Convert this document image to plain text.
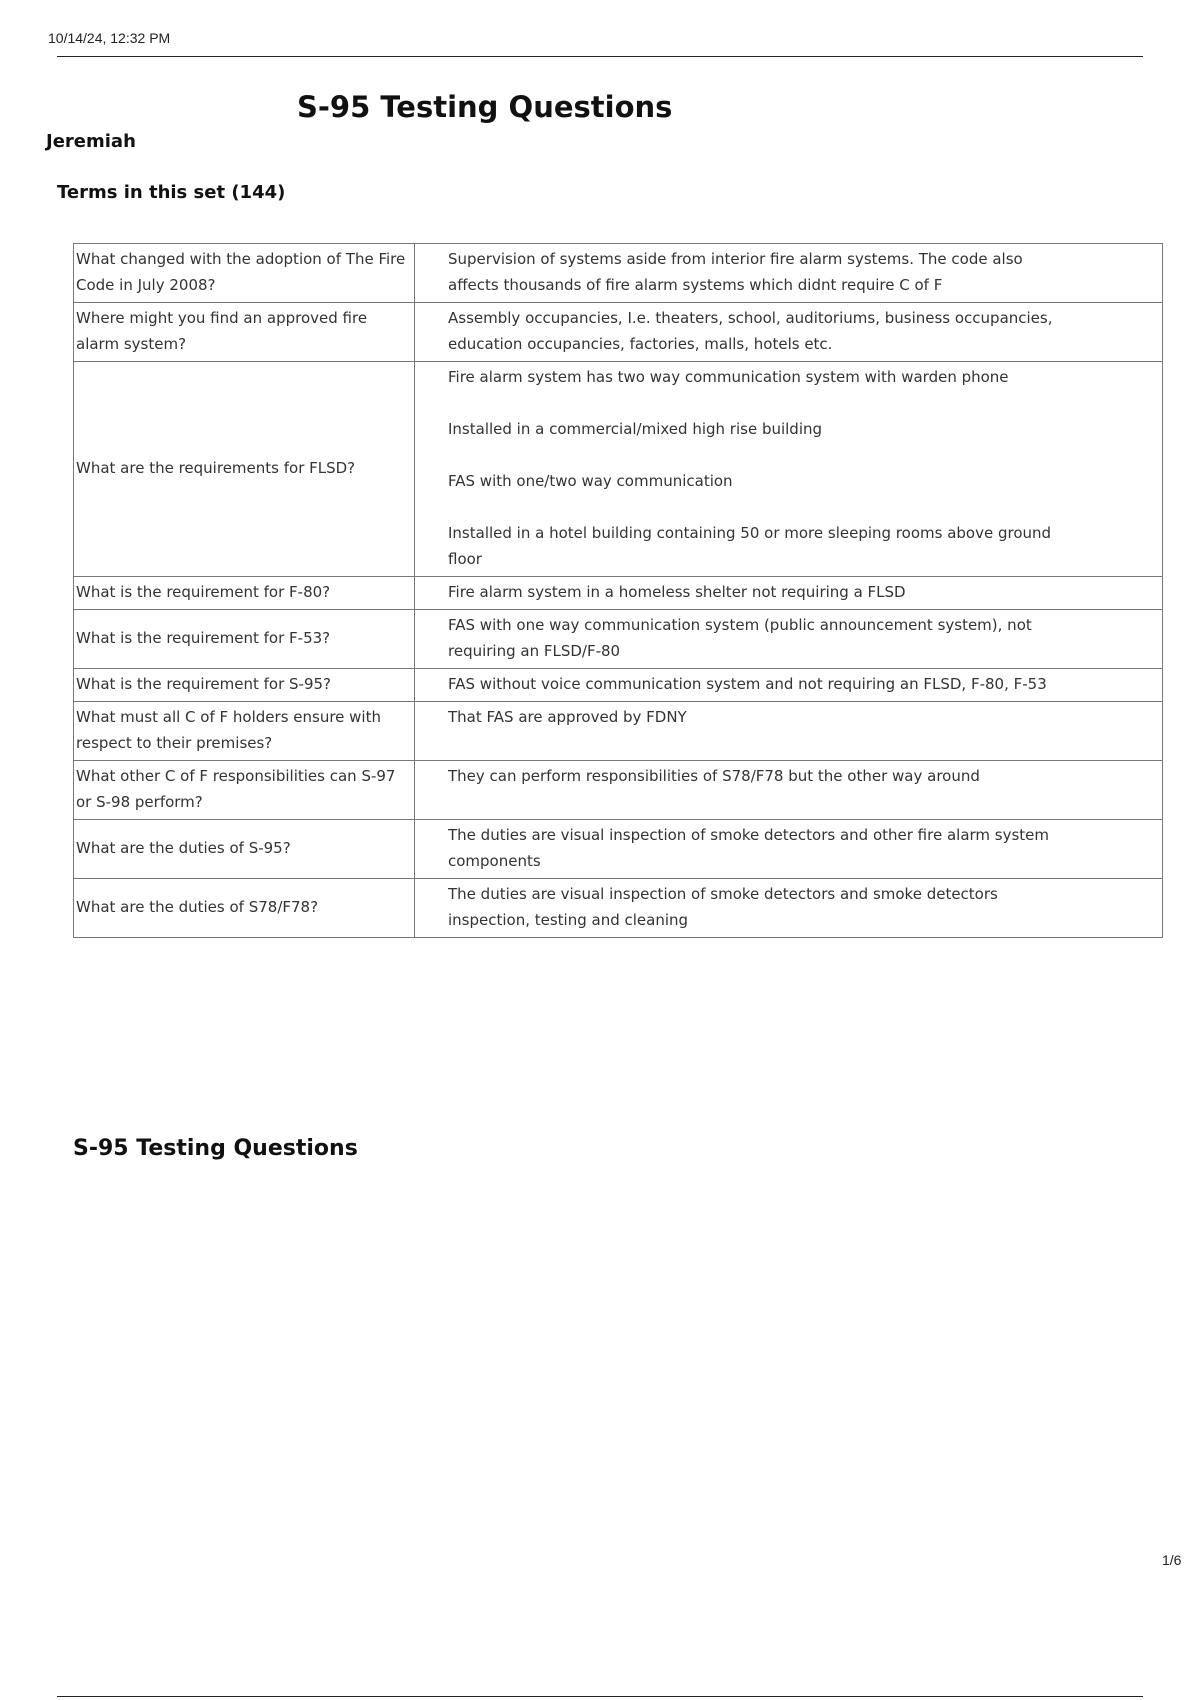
10/14/24, 12:32 PM
S-95 Testing Questions
Jeremiah
Terms in this set (144)
What changed with the adoption of The Fire Code in July 2008?	Supervision of systems aside from interior fire alarm systems. The code also affects thousands of fire alarm systems which didnt require C of F

Where might you find an approved fire alarm system?	Assembly occupancies, I.e. theaters, school, auditoriums, business occupancies, education occupancies, factories, malls, hotels etc.

What are the requirements for FLSD?	Fire alarm system has two way communication system with warden phone
Installed in a commercial/mixed high rise building
FAS with one/two way communication
Installed in a hotel building containing 50 or more sleeping rooms above ground floor

What is the requirement for F-80?	Fire alarm system in a homeless shelter not requiring a FLSD

What is the requirement for F-53?	FAS with one way communication system (public announcement system), not requiring an FLSD/F-80

What is the requirement for S-95?	FAS without voice communication system and not requiring an FLSD, F-80, F-53

What must all C of F holders ensure with respect to their premises?	That FAS are approved by FDNY

What other C of F responsibilities can S-97 or S-98 perform?	They can perform responsibilities of S78/F78 but the other way around

What are the duties of S-95?	The duties are visual inspection of smoke detectors and other fire alarm system components

What are the duties of S78/F78?	The duties are visual inspection of smoke detectors and smoke detectors inspection, testing and cleaning
S-95 Testing Questions
1/6
